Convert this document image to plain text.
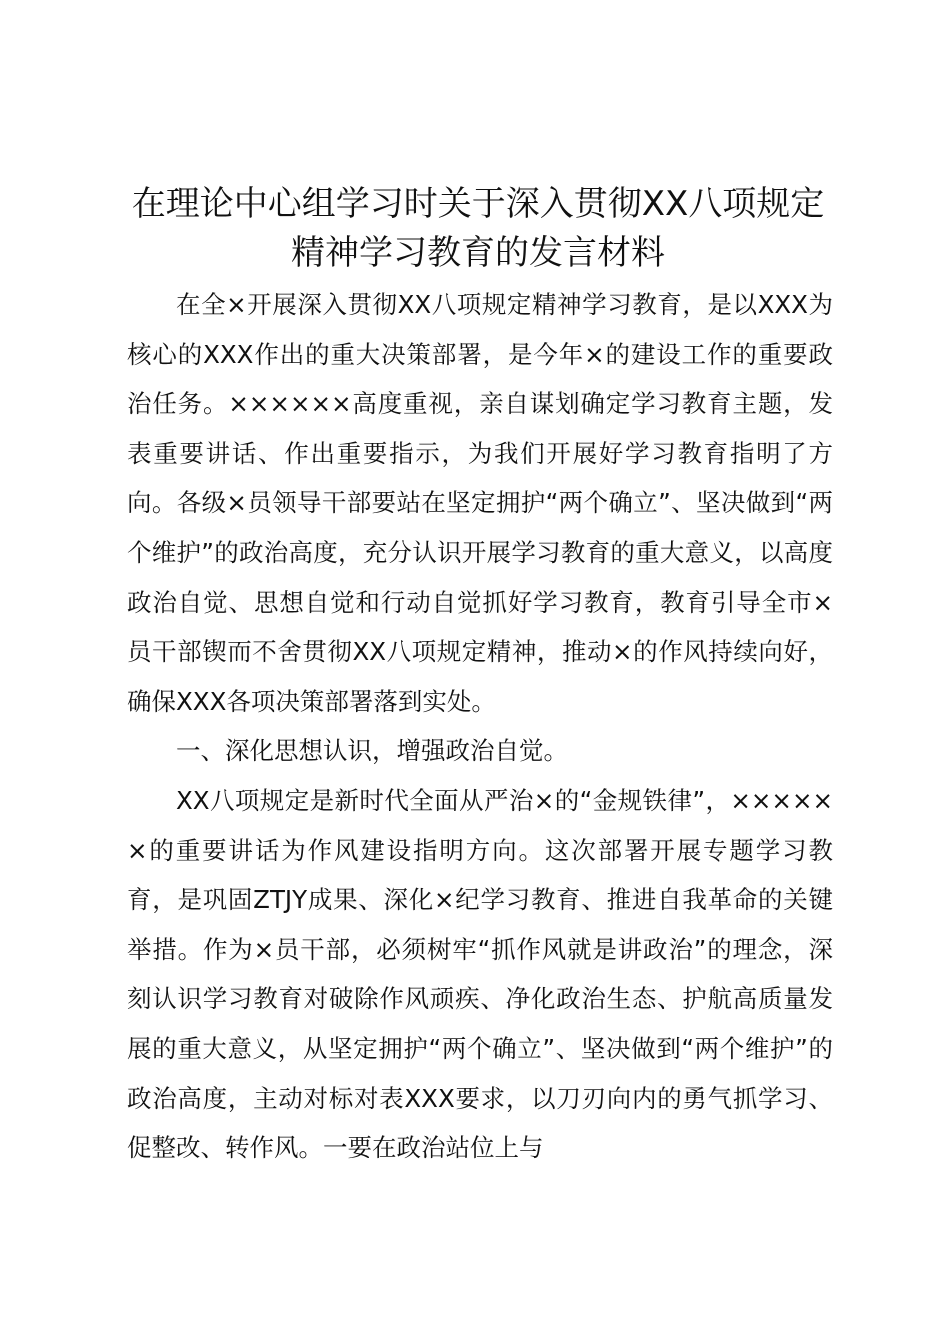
在理论中心组学习时关于深入贯彻XX八项规定精神学习教育的发言材料

在全×开展深入贯彻XX八项规定精神学习教育，是以XXX为核心的XXX作出的重大决策部署，是今年×的建设工作的重要政治任务。××××××高度重视，亲自谋划确定学习教育主题，发表重要讲话、作出重要指示，为我们开展好学习教育指明了方向。各级×员领导干部要站在坚定拥护“两个确立”、坚决做到“两个维护”的政治高度，充分认识开展学习教育的重大意义，以高度政治自觉、思想自觉和行动自觉抓好学习教育，教育引导全市×员干部锲而不舍贯彻XX八项规定精神，推动×的作风持续向好，确保XXX各项决策部署落到实处。

一、深化思想认识，增强政治自觉。

XX八项规定是新时代全面从严治×的“金规铁律”，××××××的重要讲话为作风建设指明方向。这次部署开展专题学习教育，是巩固ZTJY成果、深化×纪学习教育、推进自我革命的关键举措。作为×员干部，必须树牢“抓作风就是讲政治”的理念，深刻认识学习教育对破除作风顽疾、净化政治生态、护航高质量发展的重大意义，从坚定拥护“两个确立”、坚决做到“两个维护”的政治高度，主动对标对表XXX要求，以刀刃向内的勇气抓学习、促整改、转作风。一要在政治站位上与
